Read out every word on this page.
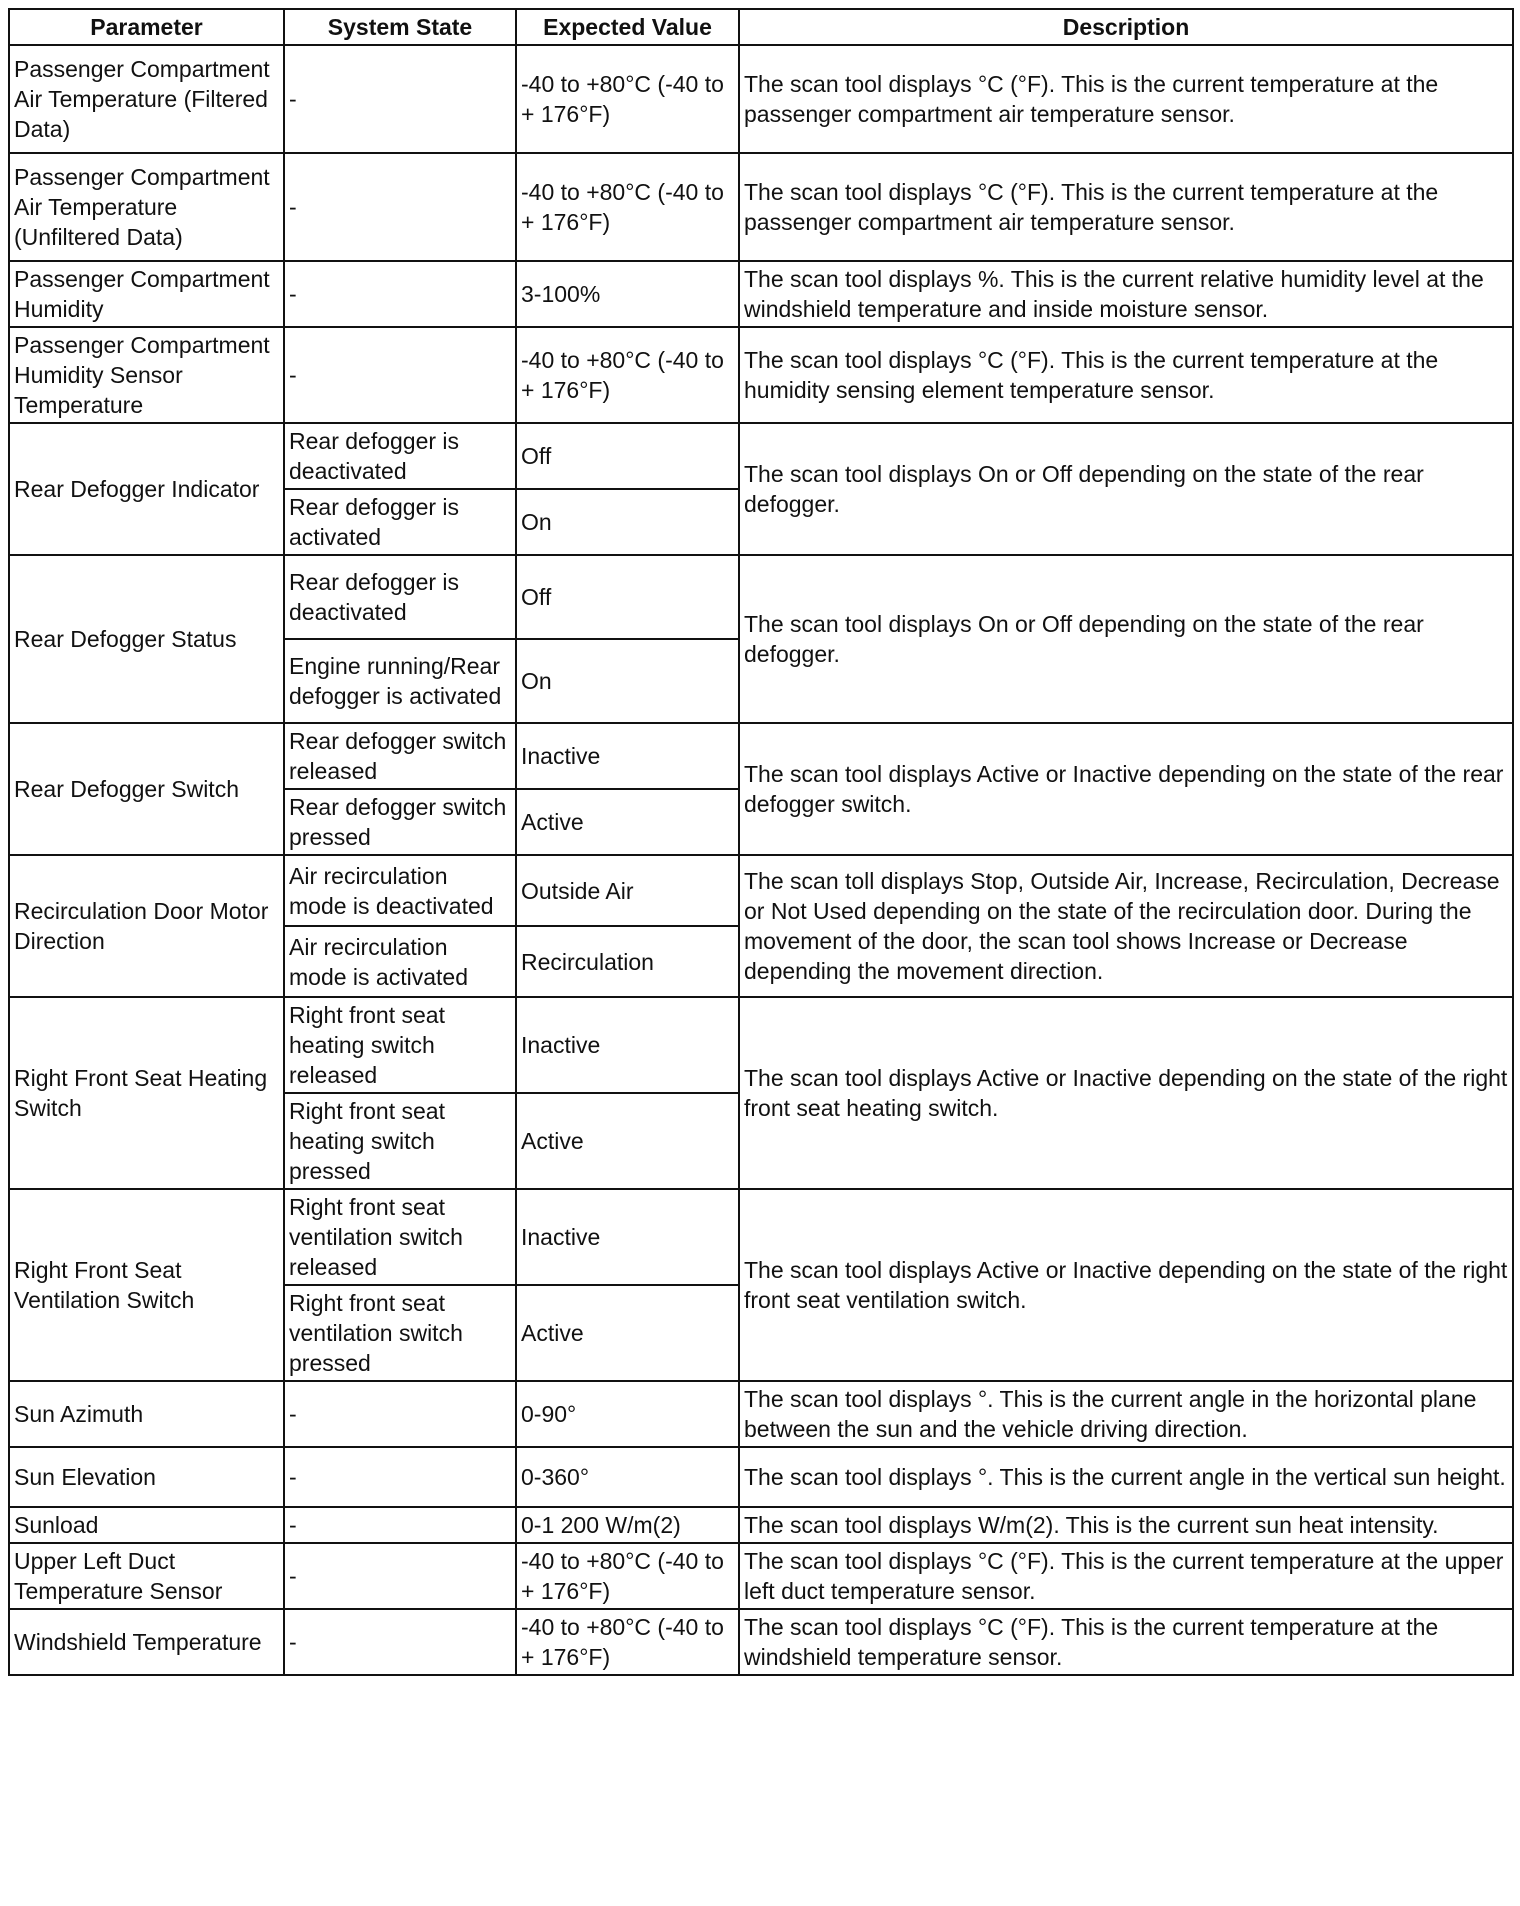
Parameter	System State	Expected Value	Description
Passenger Compartment Air Temperature (Filtered Data)	-	-40 to +80°C (-40 to + 176°F)	The scan tool displays °C (°F). This is the current temperature at the passenger compartment air temperature sensor.
Passenger Compartment Air Temperature (Unfiltered Data)	-	-40 to +80°C (-40 to + 176°F)	The scan tool displays °C (°F). This is the current temperature at the passenger compartment air temperature sensor.
Passenger Compartment Humidity	-	3-100%	The scan tool displays %. This is the current relative humidity level at the windshield temperature and inside moisture sensor.
Passenger Compartment Humidity Sensor Temperature	-	-40 to +80°C (-40 to + 176°F)	The scan tool displays °C (°F). This is the current temperature at the humidity sensing element temperature sensor.
Rear Defogger Indicator	Rear defogger is deactivated	Off	The scan tool displays On or Off depending on the state of the rear defogger.
	Rear defogger is activated	On	
Rear Defogger Status	Rear defogger is deactivated	Off	The scan tool displays On or Off depending on the state of the rear defogger.
	Engine running/Rear defogger is activated	On	
Rear Defogger Switch	Rear defogger switch released	Inactive	The scan tool displays Active or Inactive depending on the state of the rear defogger switch.
	Rear defogger switch pressed	Active	
Recirculation Door Motor Direction	Air recirculation mode is deactivated	Outside Air	The scan toll displays Stop, Outside Air, Increase, Recirculation, Decrease or Not Used depending on the state of the recirculation door. During the movement of the door, the scan tool shows Increase or Decrease depending the movement direction.
	Air recirculation mode is activated	Recirculation	
Right Front Seat Heating Switch	Right front seat heating switch released	Inactive	The scan tool displays Active or Inactive depending on the state of the right front seat heating switch.
	Right front seat heating switch pressed	Active	
Right Front Seat Ventilation Switch	Right front seat ventilation switch released	Inactive	The scan tool displays Active or Inactive depending on the state of the right front seat ventilation switch.
	Right front seat ventilation switch pressed	Active	
Sun Azimuth	-	0-90°	The scan tool displays °. This is the current angle in the horizontal plane between the sun and the vehicle driving direction.
Sun Elevation	-	0-360°	The scan tool displays °. This is the current angle in the vertical sun height.
Sunload	-	0-1 200 W/m(2)	The scan tool displays W/m(2). This is the current sun heat intensity.
Upper Left Duct Temperature Sensor	-	-40 to +80°C (-40 to + 176°F)	The scan tool displays °C (°F). This is the current temperature at the upper left duct temperature sensor.
Windshield Temperature	-	-40 to +80°C (-40 to + 176°F)	The scan tool displays °C (°F). This is the current temperature at the windshield temperature sensor.
